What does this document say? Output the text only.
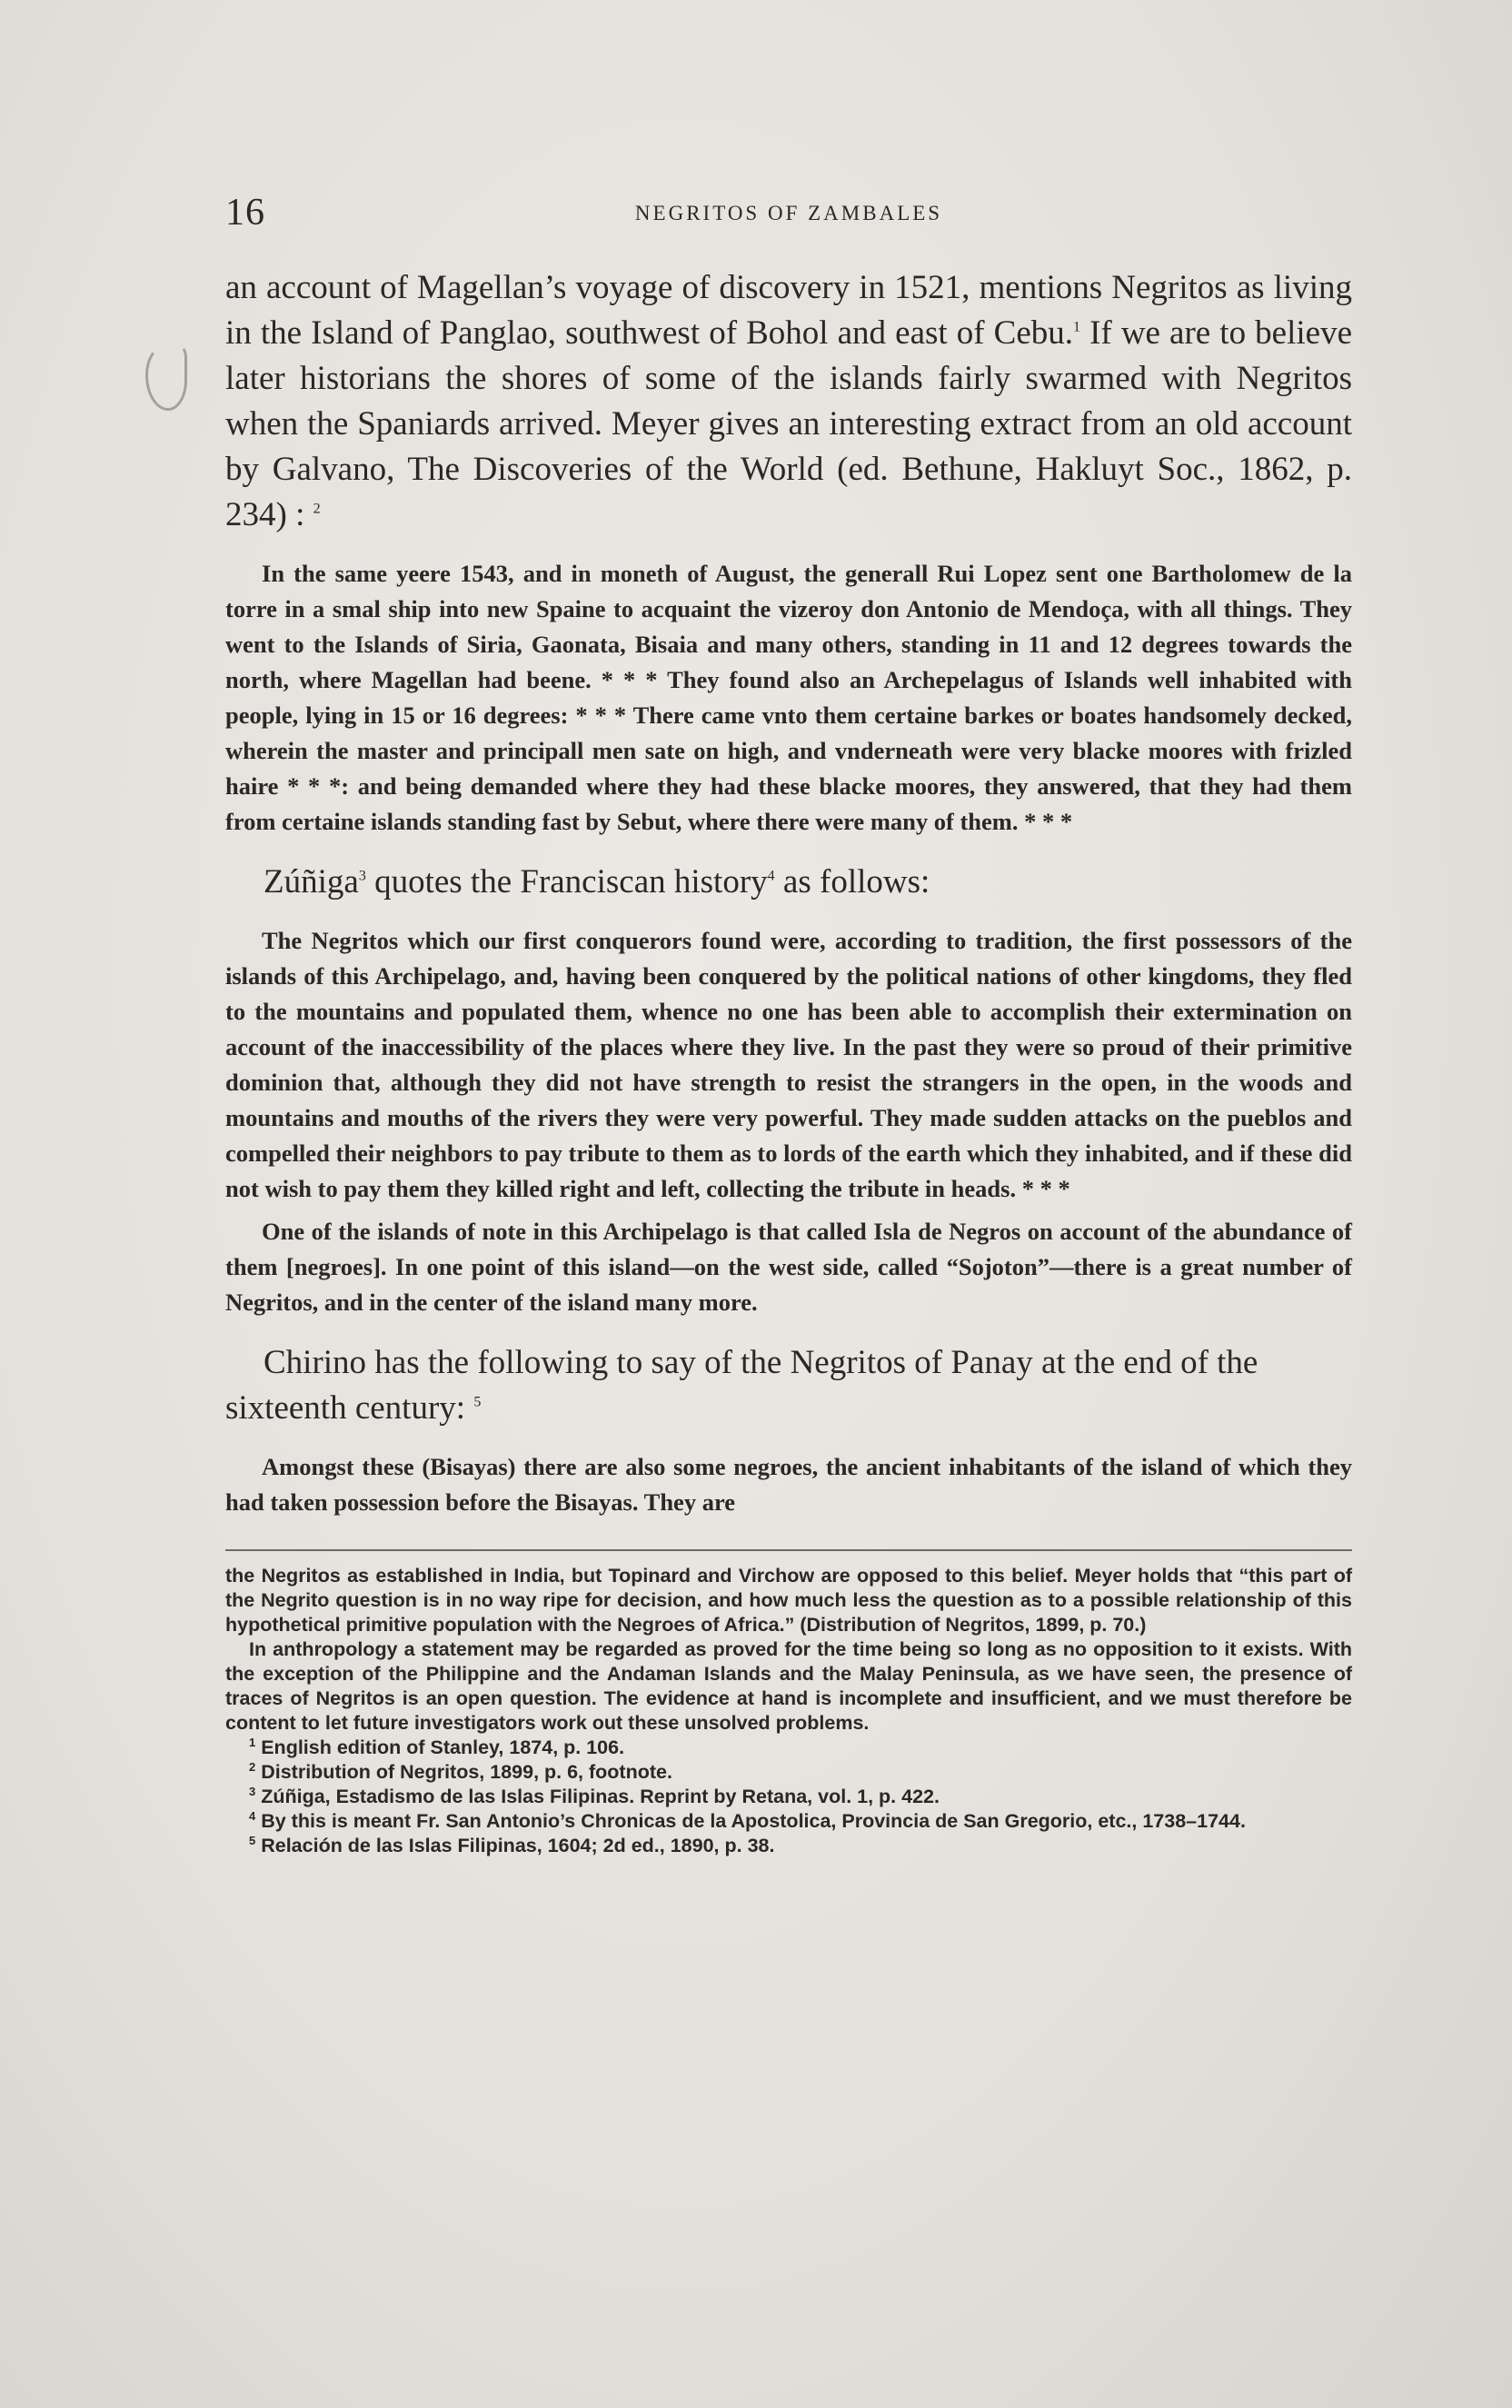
16	NEGRITOS OF ZAMBALES

an account of Magellan’s voyage of discovery in 1521, mentions Negritos as living in the Island of Panglao, southwest of Bohol and east of Cebu.$^1$ If we are to believe later historians the shores of some of the islands fairly swarmed with Negritos when the Spaniards arrived. Meyer gives an interesting extract from an old account by Galvano, The Discoveries of the World (ed. Bethune, Hakluyt Soc., 1862, p. 234) : $^2$

In the same yeere 1543, and in moneth of August, the generall Rui Lopez sent one Bartholomew de la torre in a smal ship into new Spaine to acquaint the vizeroy don Antonio de Mendoça, with all things. They went to the Islands of Siria, Gaonata, Bisaia and many others, standing in 11 and 12 degrees towards the north, where Magellan had beene. * * * They found also an Archepelagus of Islands well inhabited with people, lying in 15 or 16 degrees: * * * There came vnto them certaine barkes or boates handsomely decked, wherein the master and principall men sate on high, and vnderneath were very blacke moores with frizled haire * * *: and being demanded where they had these blacke moores, they answered, that they had them from certaine islands standing fast by Sebut, where there were many of them. * * *

Zúñiga$^3$ quotes the Franciscan history$^4$ as follows:

The Negritos which our first conquerors found were, according to tradition, the first possessors of the islands of this Archipelago, and, having been conquered by the political nations of other kingdoms, they fled to the mountains and populated them, whence no one has been able to accomplish their extermination on account of the inaccessibility of the places where they live. In the past they were so proud of their primitive dominion that, although they did not have strength to resist the strangers in the open, in the woods and mountains and mouths of the rivers they were very powerful. They made sudden attacks on the pueblos and compelled their neighbors to pay tribute to them as to lords of the earth which they inhabited, and if these did not wish to pay them they killed right and left, collecting the tribute in heads. * * *

One of the islands of note in this Archipelago is that called Isla de Negros on account of the abundance of them [negroes]. In one point of this island—on the west side, called “Sojoton”—there is a great number of Negritos, and in the center of the island many more.

Chirino has the following to say of the Negritos of Panay at the end of the sixteenth century: $^5$

Amongst these (Bisayas) there are also some negroes, the ancient inhabitants of the island of which they had taken possession before the Bisayas. They are

the Negritos as established in India, but Topinard and Virchow are opposed to this belief. Meyer holds that “this part of the Negrito question is in no way ripe for decision, and how much less the question as to a possible relationship of this hypothetical primitive population with the Negroes of Africa.” (Distribution of Negritos, 1899, p. 70.)

In anthropology a statement may be regarded as proved for the time being so long as no opposition to it exists. With the exception of the Philippine and the Andaman Islands and the Malay Peninsula, as we have seen, the presence of traces of Negritos is an open question. The evidence at hand is incomplete and insufficient, and we must therefore be content to let future investigators work out these unsolved problems.

$^1$ English edition of Stanley, 1874, p. 106.

$^2$ Distribution of Negritos, 1899, p. 6, footnote.

$^3$ Zúñiga, Estadismo de las Islas Filipinas. Reprint by Retana, vol. 1, p. 422.

$^4$ By this is meant Fr. San Antonio’s Chronicas de la Apostolica, Provincia de San Gregorio, etc., 1738–1744.

$^5$ Relación de las Islas Filipinas, 1604; 2d ed., 1890, p. 38.
